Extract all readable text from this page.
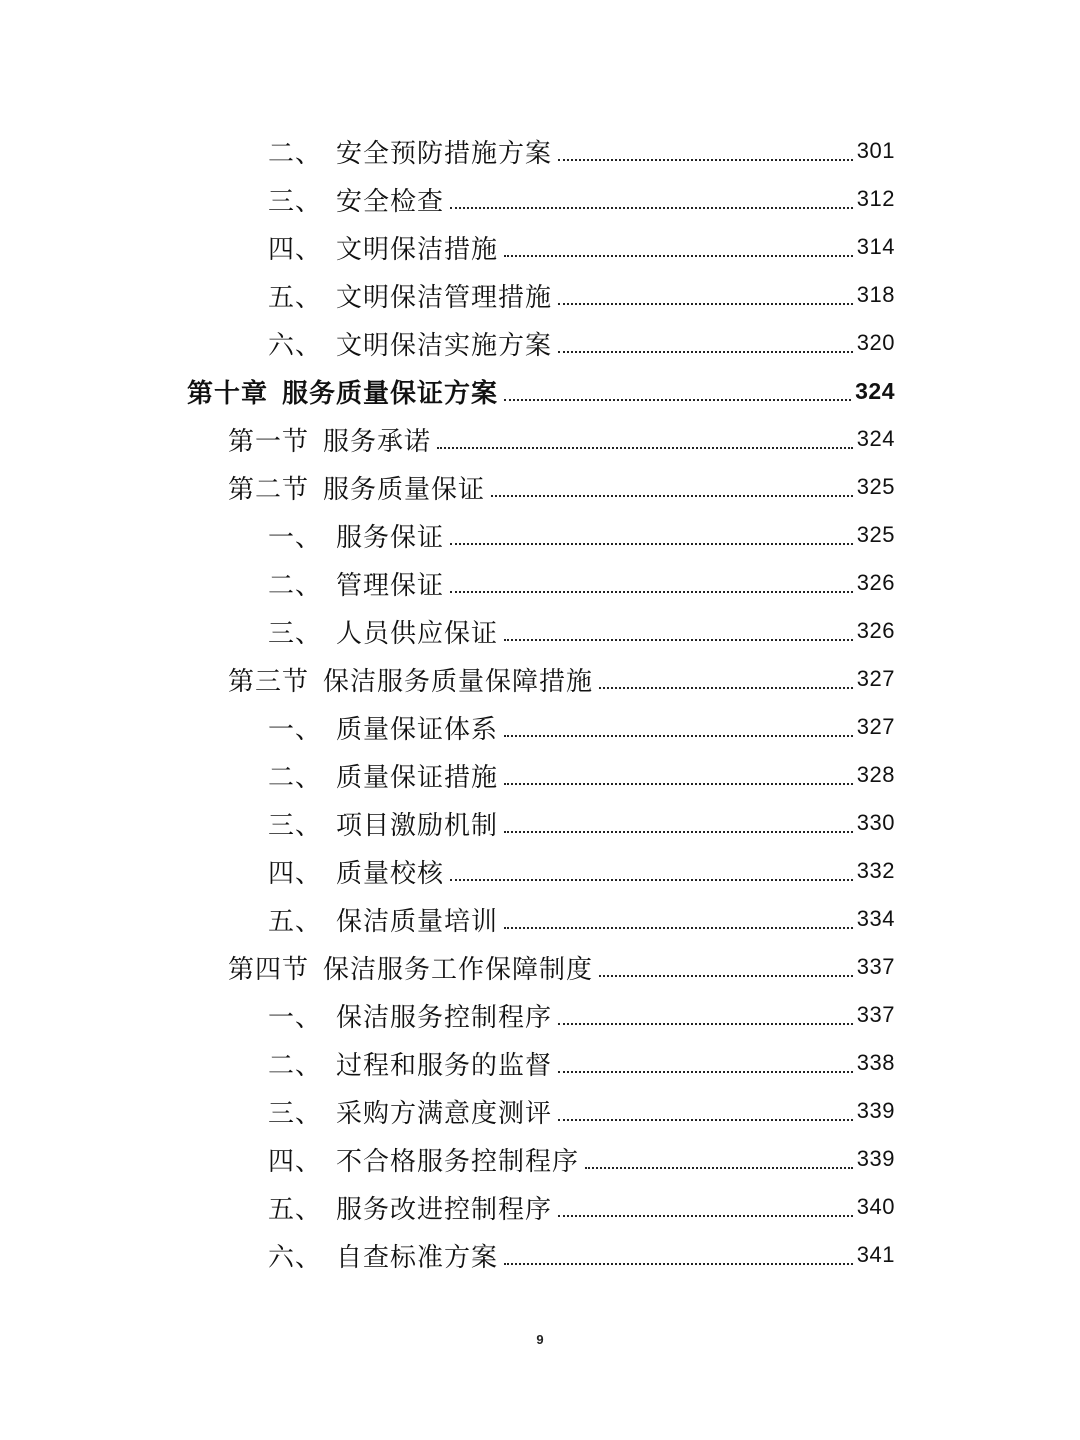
二、 安全预防措施方案	301
三、 安全检查	312
四、 文明保洁措施	314
五、 文明保洁管理措施	318
六、 文明保洁实施方案	320
第十章 服务质量保证方案	324
第一节 服务承诺	324
第二节 服务质量保证	325
一、 服务保证	325
二、 管理保证	326
三、 人员供应保证	326
第三节 保洁服务质量保障措施	327
一、 质量保证体系	327
二、 质量保证措施	328
三、 项目激励机制	330
四、 质量校核	332
五、 保洁质量培训	334
第四节 保洁服务工作保障制度	337
一、 保洁服务控制程序	337
二、 过程和服务的监督	338
三、 采购方满意度测评	339
四、 不合格服务控制程序	339
五、 服务改进控制程序	340
六、 自查标准方案	341
9
